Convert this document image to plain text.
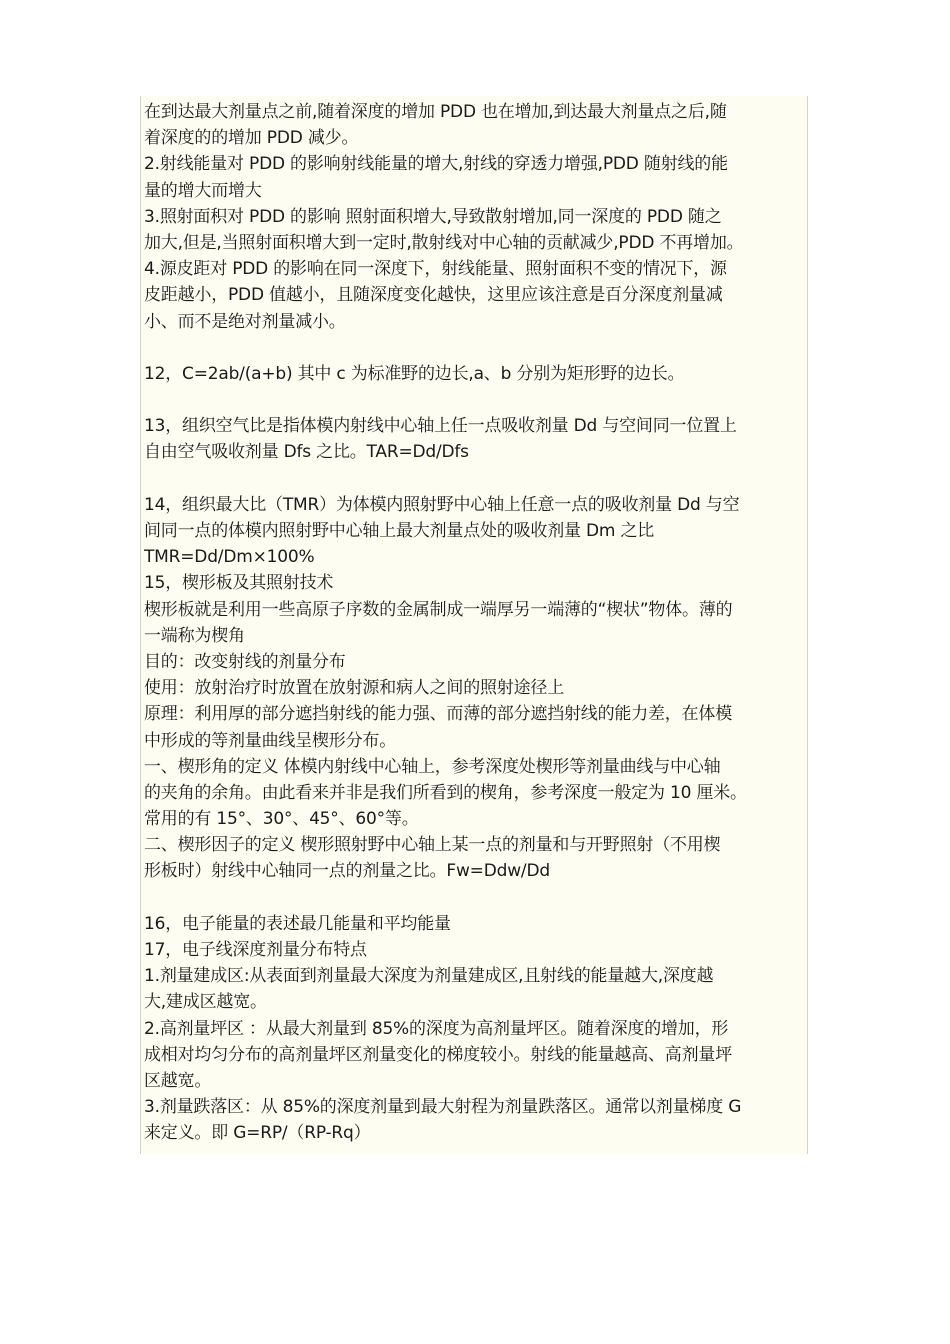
在到达最大剂量点之前,随着深度的增加 PDD 也在增加,到达最大剂量点之后,随
着深度的的增加 PDD 减少。
2.射线能量对 PDD 的影响射线能量的增大,射线的穿透力增强,PDD 随射线的能
量的增大而增大
3.照射面积对 PDD 的影响 照射面积增大,导致散射增加,同一深度的 PDD 随之
加大,但是,当照射面积增大到一定时,散射线对中心轴的贡献减少,PDD 不再增加。
4.源皮距对 PDD 的影响在同一深度下，射线能量、照射面积不变的情况下，源
皮距越小，PDD 值越小，且随深度变化越快，这里应该注意是百分深度剂量减
小、而不是绝对剂量减小。
12，C=2ab/(a+b) 其中 c 为标准野的边长,a、b 分别为矩形野的边长。
13，组织空气比是指体模内射线中心轴上任一点吸收剂量 Dd 与空间同一位置上
自由空气吸收剂量 Dfs 之比。TAR=Dd/Dfs
14，组织最大比（TMR）为体模内照射野中心轴上任意一点的吸收剂量 Dd 与空
间同一点的体模内照射野中心轴上最大剂量点处的吸收剂量 Dm 之比
TMR=Dd/Dm×100%
15，楔形板及其照射技术
楔形板就是利用一些高原子序数的金属制成一端厚另一端薄的“楔状”物体。薄的
一端称为楔角
目的：改变射线的剂量分布
使用：放射治疗时放置在放射源和病人之间的照射途径上
原理：利用厚的部分遮挡射线的能力强、而薄的部分遮挡射线的能力差，在体模
中形成的等剂量曲线呈楔形分布。
一、楔形角的定义 体模内射线中心轴上，参考深度处楔形等剂量曲线与中心轴
的夹角的余角。由此看来并非是我们所看到的楔角，参考深度一般定为 10 厘米。
常用的有 15°、30°、45°、60°等。
二、楔形因子的定义 楔形照射野中心轴上某一点的剂量和与开野照射（不用楔
形板时）射线中心轴同一点的剂量之比。Fw=Ddw/Dd
16，电子能量的表述最几能量和平均能量
17，电子线深度剂量分布特点
1.剂量建成区:从表面到剂量最大深度为剂量建成区,且射线的能量越大,深度越
大,建成区越宽。
2.高剂量坪区 ：从最大剂量到 85%的深度为高剂量坪区。随着深度的增加，形
成相对均匀分布的高剂量坪区剂量变化的梯度较小。射线的能量越高、高剂量坪
区越宽。
3.剂量跌落区：从 85%的深度剂量到最大射程为剂量跌落区。通常以剂量梯度 G
来定义。即 G=RP/（RP-Rq）
